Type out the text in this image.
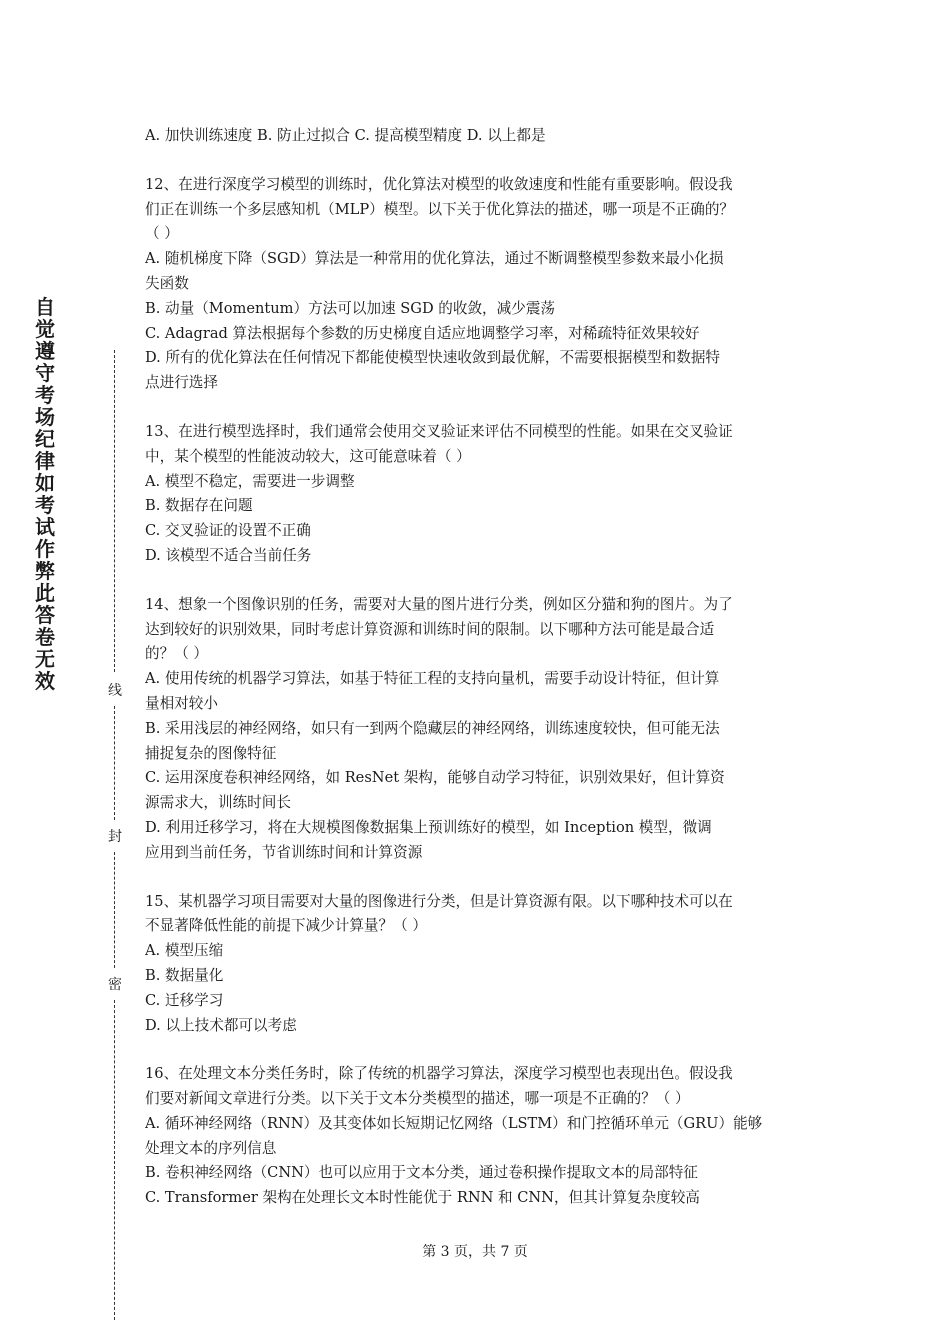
自
觉
遵
守
考
场
纪
律
如
考
试
作
弊
此
答
卷
无
效	线
封
密
A. 加快训练速度 B. 防止过拟合 C. 提高模型精度 D. 以上都是
12、在进行深度学习模型的训练时，优化算法对模型的收敛速度和性能有重要影响。假设我
们正在训练一个多层感知机（MLP）模型。以下关于优化算法的描述，哪一项是不正确的？
（ ）
A. 随机梯度下降（SGD）算法是一种常用的优化算法，通过不断调整模型参数来最小化损
失函数
B. 动量（Momentum）方法可以加速 SGD 的收敛，减少震荡
C. Adagrad 算法根据每个参数的历史梯度自适应地调整学习率，对稀疏特征效果较好
D. 所有的优化算法在任何情况下都能使模型快速收敛到最优解，不需要根据模型和数据特
点进行选择
13、在进行模型选择时，我们通常会使用交叉验证来评估不同模型的性能。如果在交叉验证
中，某个模型的性能波动较大，这可能意味着（ ）
A. 模型不稳定，需要进一步调整
B. 数据存在问题
C. 交叉验证的设置不正确
D. 该模型不适合当前任务
14、想象一个图像识别的任务，需要对大量的图片进行分类，例如区分猫和狗的图片。为了
达到较好的识别效果，同时考虑计算资源和训练时间的限制。以下哪种方法可能是最合适
的？（ ）
A. 使用传统的机器学习算法，如基于特征工程的支持向量机，需要手动设计特征，但计算
量相对较小
B. 采用浅层的神经网络，如只有一到两个隐藏层的神经网络，训练速度较快，但可能无法
捕捉复杂的图像特征
C. 运用深度卷积神经网络，如 ResNet 架构，能够自动学习特征，识别效果好，但计算资
源需求大，训练时间长
D. 利用迁移学习，将在大规模图像数据集上预训练好的模型，如 Inception 模型，微调
应用到当前任务，节省训练时间和计算资源
15、某机器学习项目需要对大量的图像进行分类，但是计算资源有限。以下哪种技术可以在
不显著降低性能的前提下减少计算量？（ ）
A. 模型压缩
B. 数据量化
C. 迁移学习
D. 以上技术都可以考虑
16、在处理文本分类任务时，除了传统的机器学习算法，深度学习模型也表现出色。假设我
们要对新闻文章进行分类。以下关于文本分类模型的描述，哪一项是不正确的？（ ）
A. 循环神经网络（RNN）及其变体如长短期记忆网络（LSTM）和门控循环单元（GRU）能够
处理文本的序列信息
B. 卷积神经网络（CNN）也可以应用于文本分类，通过卷积操作提取文本的局部特征
C. Transformer 架构在处理长文本时性能优于 RNN 和 CNN，但其计算复杂度较高
第 3 页，共 7 页
